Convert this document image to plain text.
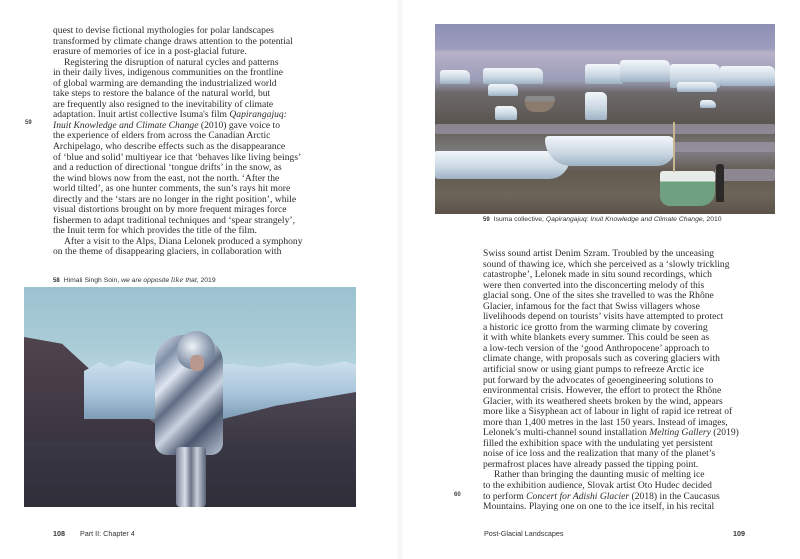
59
quest to devise fictional mythologies for polar landscapes
transformed by climate change draws attention to the potential
erasure of memories of ice in a post-glacial future.
Registering the disruption of natural cycles and patterns
in their daily lives, indigenous communities on the frontline
of global warming are demanding the industrialized world
take steps to restore the balance of the natural world, but
are frequently also resigned to the inevitability of climate
adaptation. Inuit artist collective Isuma's film Qapirangajuq:
Inuit Knowledge and Climate Change (2010) gave voice to
the experience of elders from across the Canadian Arctic
Archipelago, who describe effects such as the disappearance
of ‘blue and solid’ multiyear ice that ‘behaves like living beings’
and a reduction of directional ‘tongue drifts’ in the snow, as
the wind blows now from the east, not the north. ‘After the
world tilted’, as one hunter comments, the sun’s rays hit more
directly and the ‘stars are no longer in the right position’, while
visual distortions brought on by more frequent mirages force
fishermen to adapt traditional techniques and ‘spear strangely’,
the Inuit term for which provides the title of the film.
After a visit to the Alps, Diana Lelonek produced a symphony
on the theme of disappearing glaciers, in collaboration with
58 Himali Singh Soin, we are opposite like that, 2019
108 Part II: Chapter 4
59 Isuma collective, Qapirangajuq: Inuit Knowledge and Climate Change, 2010
Swiss sound artist Denim Szram. Troubled by the unceasing
sound of thawing ice, which she perceived as a ‘slowly trickling
catastrophe’, Lelonek made in situ sound recordings, which
were then converted into the disconcerting melody of this
glacial song. One of the sites she travelled to was the Rhône
Glacier, infamous for the fact that Swiss villagers whose
livelihoods depend on tourists’ visits have attempted to protect
a historic ice grotto from the warming climate by covering
it with white blankets every summer. This could be seen as
a low-tech version of the ‘good Anthropocene’ approach to
climate change, with proposals such as covering glaciers with
artificial snow or using giant pumps to refreeze Arctic ice
put forward by the advocates of geoengineering solutions to
environmental crisis. However, the effort to protect the Rhône
Glacier, with its weathered sheets broken by the wind, appears
more like a Sisyphean act of labour in light of rapid ice retreat of
more than 1,400 metres in the last 150 years. Instead of images,
Lelonek’s multi-channel sound installation Melting Gallery (2019)
filled the exhibition space with the undulating yet persistent
noise of ice loss and the realization that many of the planet’s
permafrost places have already passed the tipping point.
Rather than bringing the daunting music of melting ice
to the exhibition audience, Slovak artist Oto Hudec decided
to perform Concert for Adishi Glacier (2018) in the Caucasus
Mountains. Playing one on one to the ice itself, in his recital
60
Post-Glacial Landscapes	109
